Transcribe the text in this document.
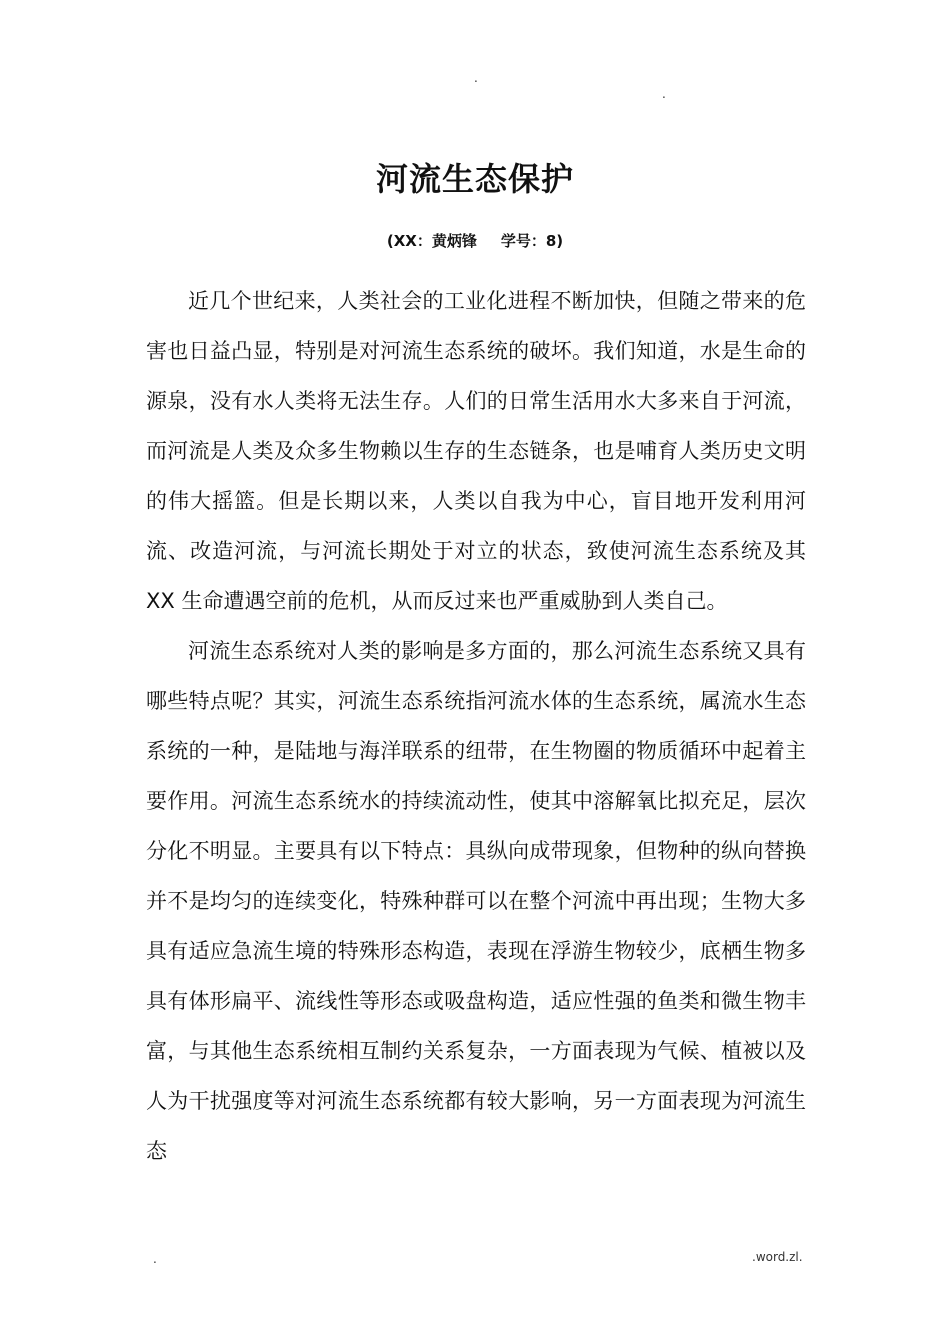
.
.
河流生态保护
(XX：黄炳锋 学号：8)

近几个世纪来，人类社会的工业化进程不断加快，但随之带来的危害也日益凸显，特别是对河流生态系统的破坏。我们知道，水是生命的源泉，没有水人类将无法生存。人们的日常生活用水大多来自于河流，而河流是人类及众多生物赖以生存的生态链条，也是哺育人类历史文明的伟大摇篮。但是长期以来，人类以自我为中心，盲目地开发利用河流、改造河流，与河流长期处于对立的状态，致使河流生态系统及其 XX 生命遭遇空前的危机，从而反过来也严重威胁到人类自己。

河流生态系统对人类的影响是多方面的，那么河流生态系统又具有哪些特点呢？其实，河流生态系统指河流水体的生态系统，属流水生态系统的一种，是陆地与海洋联系的纽带，在生物圈的物质循环中起着主要作用。河流生态系统水的持续流动性，使其中溶解氧比拟充足，层次分化不明显。主要具有以下特点：具纵向成带现象，但物种的纵向替换并不是均匀的连续变化，特殊种群可以在整个河流中再出现；生物大多具有适应急流生境的特殊形态构造，表现在浮游生物较少，底栖生物多具有体形扁平、流线性等形态或吸盘构造，适应性强的鱼类和微生物丰富，与其他生态系统相互制约关系复杂，一方面表现为气候、植被以及人为干扰强度等对河流生态系统都有较大影响，另一方面表现为河流生态

.	.word.zl.
